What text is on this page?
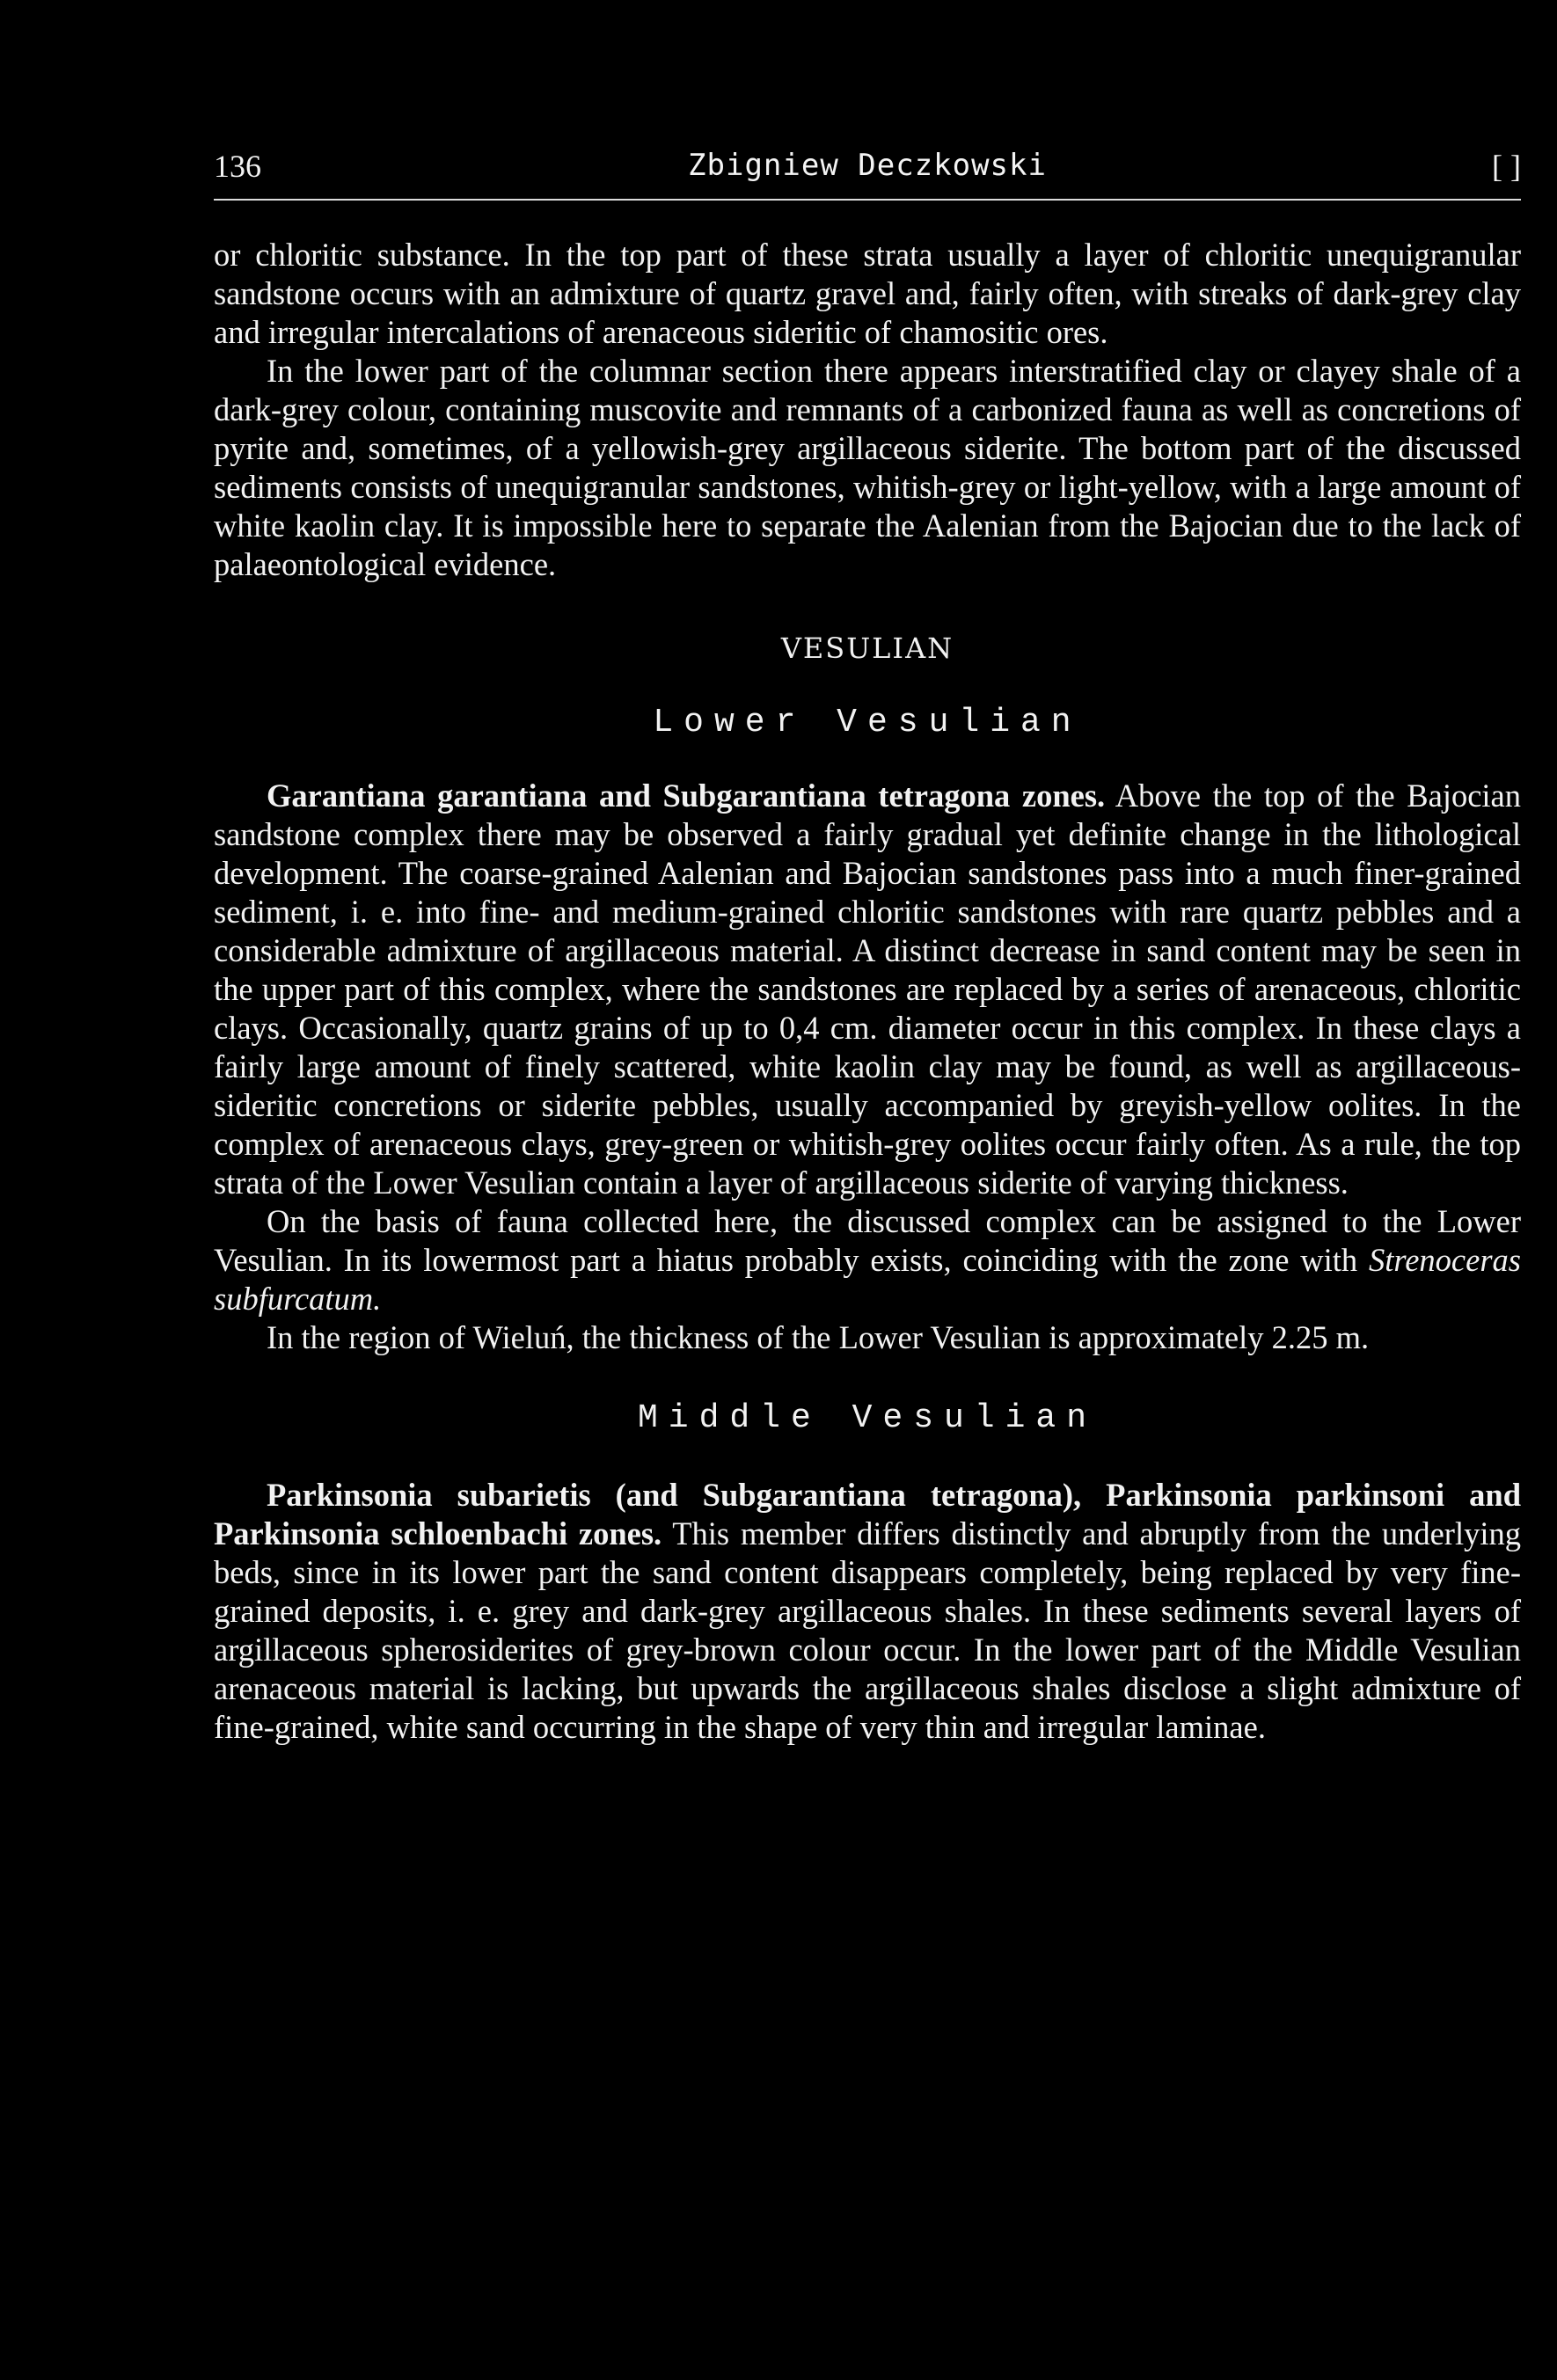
136	Zbigniew Deczkowski	[ ]

or chloritic substance. In the top part of these strata usually a layer of chloritic unequigranular sandstone occurs with an admixture of quartz gravel and, fairly often, with streaks of dark-grey clay and irregular intercalations of arenaceous sideritic of chamositic ores.

In the lower part of the columnar section there appears interstratified clay or clayey shale of a dark-grey colour, containing muscovite and remnants of a carbonized fauna as well as concretions of pyrite and, sometimes, of a yellowish-grey argillaceous siderite. The bottom part of the discussed sediments consists of unequigranular sandstones, whitish-grey or light-yellow, with a large amount of white kaolin clay. It is impossible here to separate the Aalenian from the Bajocian due to the lack of palaeontological evidence.

VESULIAN
Lower Vesulian

Garantiana garantiana and Subgarantiana tetragona zones. Above the top of the Bajocian sandstone complex there may be observed a fairly gradual yet definite change in the lithological development. The coarse-grained Aalenian and Bajocian sandstones pass into a much finer-grained sediment, i. e. into fine- and medium-grained chloritic sandstones with rare quartz pebbles and a considerable admixture of argillaceous material. A distinct decrease in sand content may be seen in the upper part of this complex, where the sandstones are replaced by a series of arenaceous, chloritic clays. Occasionally, quartz grains of up to 0,4 cm. diameter occur in this complex. In these clays a fairly large amount of finely scattered, white kaolin clay may be found, as well as argillaceous-sideritic concretions or siderite pebbles, usually accompanied by greyish-yellow oolites. In the complex of arenaceous clays, grey-green or whitish-grey oolites occur fairly often. As a rule, the top strata of the Lower Vesulian contain a layer of argillaceous siderite of varying thickness.

On the basis of fauna collected here, the discussed complex can be assigned to the Lower Vesulian. In its lowermost part a hiatus probably exists, coinciding with the zone with Strenoceras subfurcatum.

In the region of Wieluń, the thickness of the Lower Vesulian is approximately 2.25 m.

Middle Vesulian

Parkinsonia subarietis (and Subgarantiana tetragona), Parkinsonia parkinsoni and Parkinsonia schloenbachi zones. This member differs distinctly and abruptly from the underlying beds, since in its lower part the sand content disappears completely, being replaced by very fine-grained deposits, i. e. grey and dark-grey argillaceous shales. In these sediments several layers of argillaceous spherosiderites of grey-brown colour occur. In the lower part of the Middle Vesulian arenaceous material is lacking, but upwards the argillaceous shales disclose a slight admixture of fine-grained, white sand occurring in the shape of very thin and irregular laminae.
